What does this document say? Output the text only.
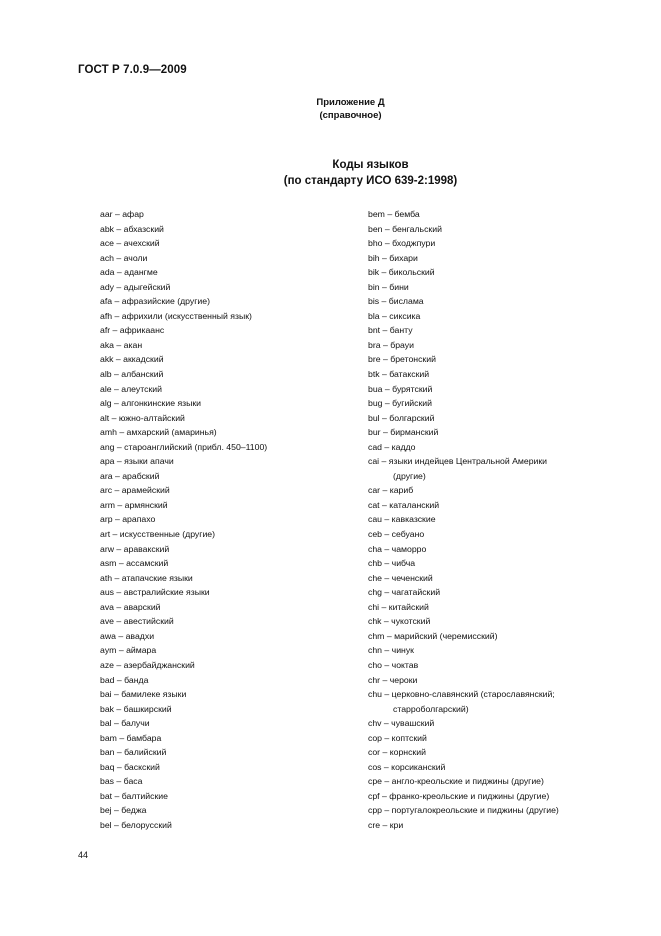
ГОСТ Р 7.0.9—2009
Приложение Д
(справочное)
Коды языков
(по стандарту ИСО 639-2:1998)
aar – афар
abk – абхазский
ace – ачехский
ach – ачоли
ada – адангме
ady – адыгейский
afa – афразийские (другие)
afh – африхили (искусственный язык)
afr – африкаанс
aka – акан
akk – аккадский
alb – албанский
ale – алеутский
alg – алгонкинские языки
alt – южно-алтайский
amh – амхарский (амаринья)
ang – староанглийский (прибл. 450–1100)
apa – языки апачи
ara – арабский
arc – арамейский
arm – армянский
arp – арапахо
art – искусственные (другие)
arw – аравакский
asm – ассамский
ath – атапачские языки
aus – австралийские языки
ava – аварский
ave – авестийский
awa – авадхи
aym – аймара
aze – азербайджанский
bad – банда
bai – бамилеке языки
bak – башкирский
bal – балучи
bam – бамбара
ban – балийский
baq – баскский
bas – баса
bat – балтийские
bej – беджа
bel – белорусский
bem – бемба
ben – бенгальский
bho – бходжпури
bih – бихари
bik – бикольский
bin – бини
bis – бислама
bla – сиксика
bnt – банту
bra – брауи
bre – бретонский
btk – батакский
bua – бурятский
bug – бугийский
bul – болгарский
bur – бирманский
cad – каддо
cai – языки индейцев Центральной Америки
(другие)
car – кариб
cat – каталанский
cau – кавказские
ceb – себуано
cha – чаморро
chb – чибча
che – чеченский
chg – чагатайский
chi – китайский
chk – чукотский
chm – марийский (черемисский)
chn – чинук
cho – чоктав
chr – чероки
chu – церковно-славянский (старославянский;
старроболгарский)
chv – чувашский
cop – коптский
cor – корнский
cos – корсиканский
cpe – англо-креольские и пиджины (другие)
cpf – франко-креольские и пиджины (другие)
cpp – португалокреольские и пиджины (другие)
cre – кри
44
